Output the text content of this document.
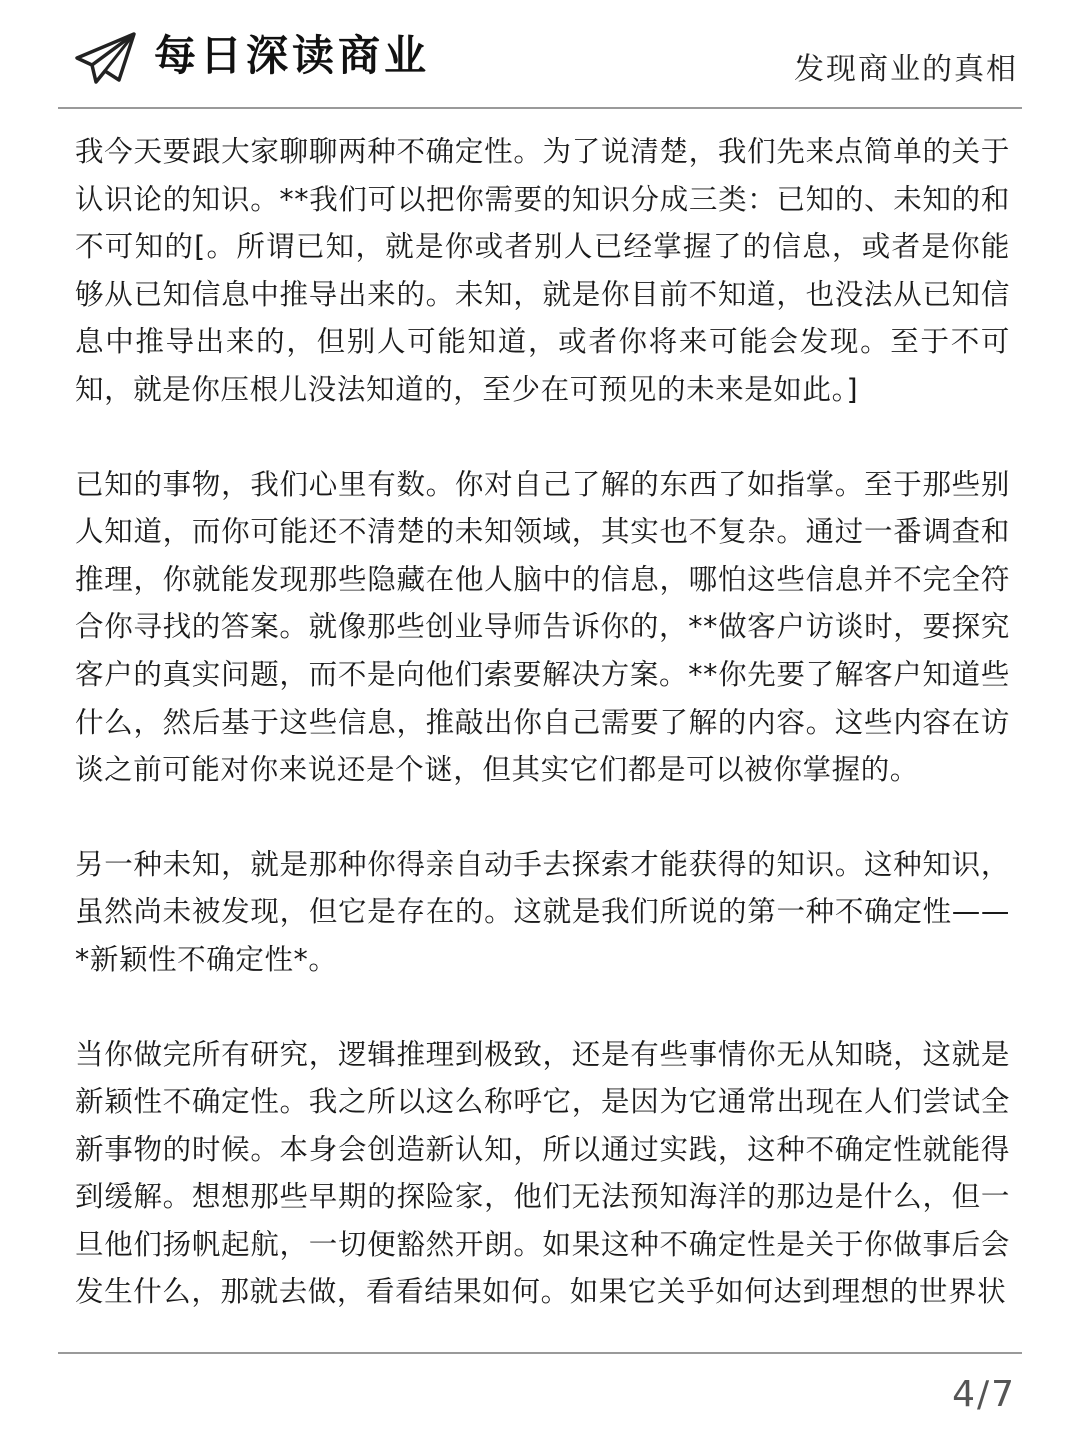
每日深读商业	发现商业的真相

我今天要跟大家聊聊两种不确定性。为了说清楚，我们先来点简单的关于认识论的知识。**我们可以把你需要的知识分成三类：已知的、未知的和不可知的[。所谓已知，就是你或者别人已经掌握了的信息，或者是你能够从已知信息中推导出来的。未知，就是你目前不知道，也没法从已知信息中推导出来的，但别人可能知道，或者你将来可能会发现。至于不可知，就是你压根儿没法知道的，至少在可预见的未来是如此。]

已知的事物，我们心里有数。你对自己了解的东西了如指掌。至于那些别人知道，而你可能还不清楚的未知领域，其实也不复杂。通过一番调查和推理，你就能发现那些隐藏在他人脑中的信息，哪怕这些信息并不完全符合你寻找的答案。就像那些创业导师告诉你的，**做客户访谈时，要探究客户的真实问题，而不是向他们索要解决方案。**你先要了解客户知道些什么，然后基于这些信息，推敲出你自己需要了解的内容。这些内容在访谈之前可能对你来说还是个谜，但其实它们都是可以被你掌握的。

另一种未知，就是那种你得亲自动手去探索才能获得的知识。这种知识，虽然尚未被发现，但它是存在的。这就是我们所说的第一种不确定性——*新颖性不确定性*。

当你做完所有研究，逻辑推理到极致，还是有些事情你无从知晓，这就是新颖性不确定性。我之所以这么称呼它，是因为它通常出现在人们尝试全新事物的时候。本身会创造新认知，所以通过实践，这种不确定性就能得到缓解。想想那些早期的探险家，他们无法预知海洋的那边是什么，但一旦他们扬帆起航，一切便豁然开朗。如果这种不确定性是关于你做事后会发生什么，那就去做，看看结果如何。如果它关乎如何达到理想的世界状

4/7
